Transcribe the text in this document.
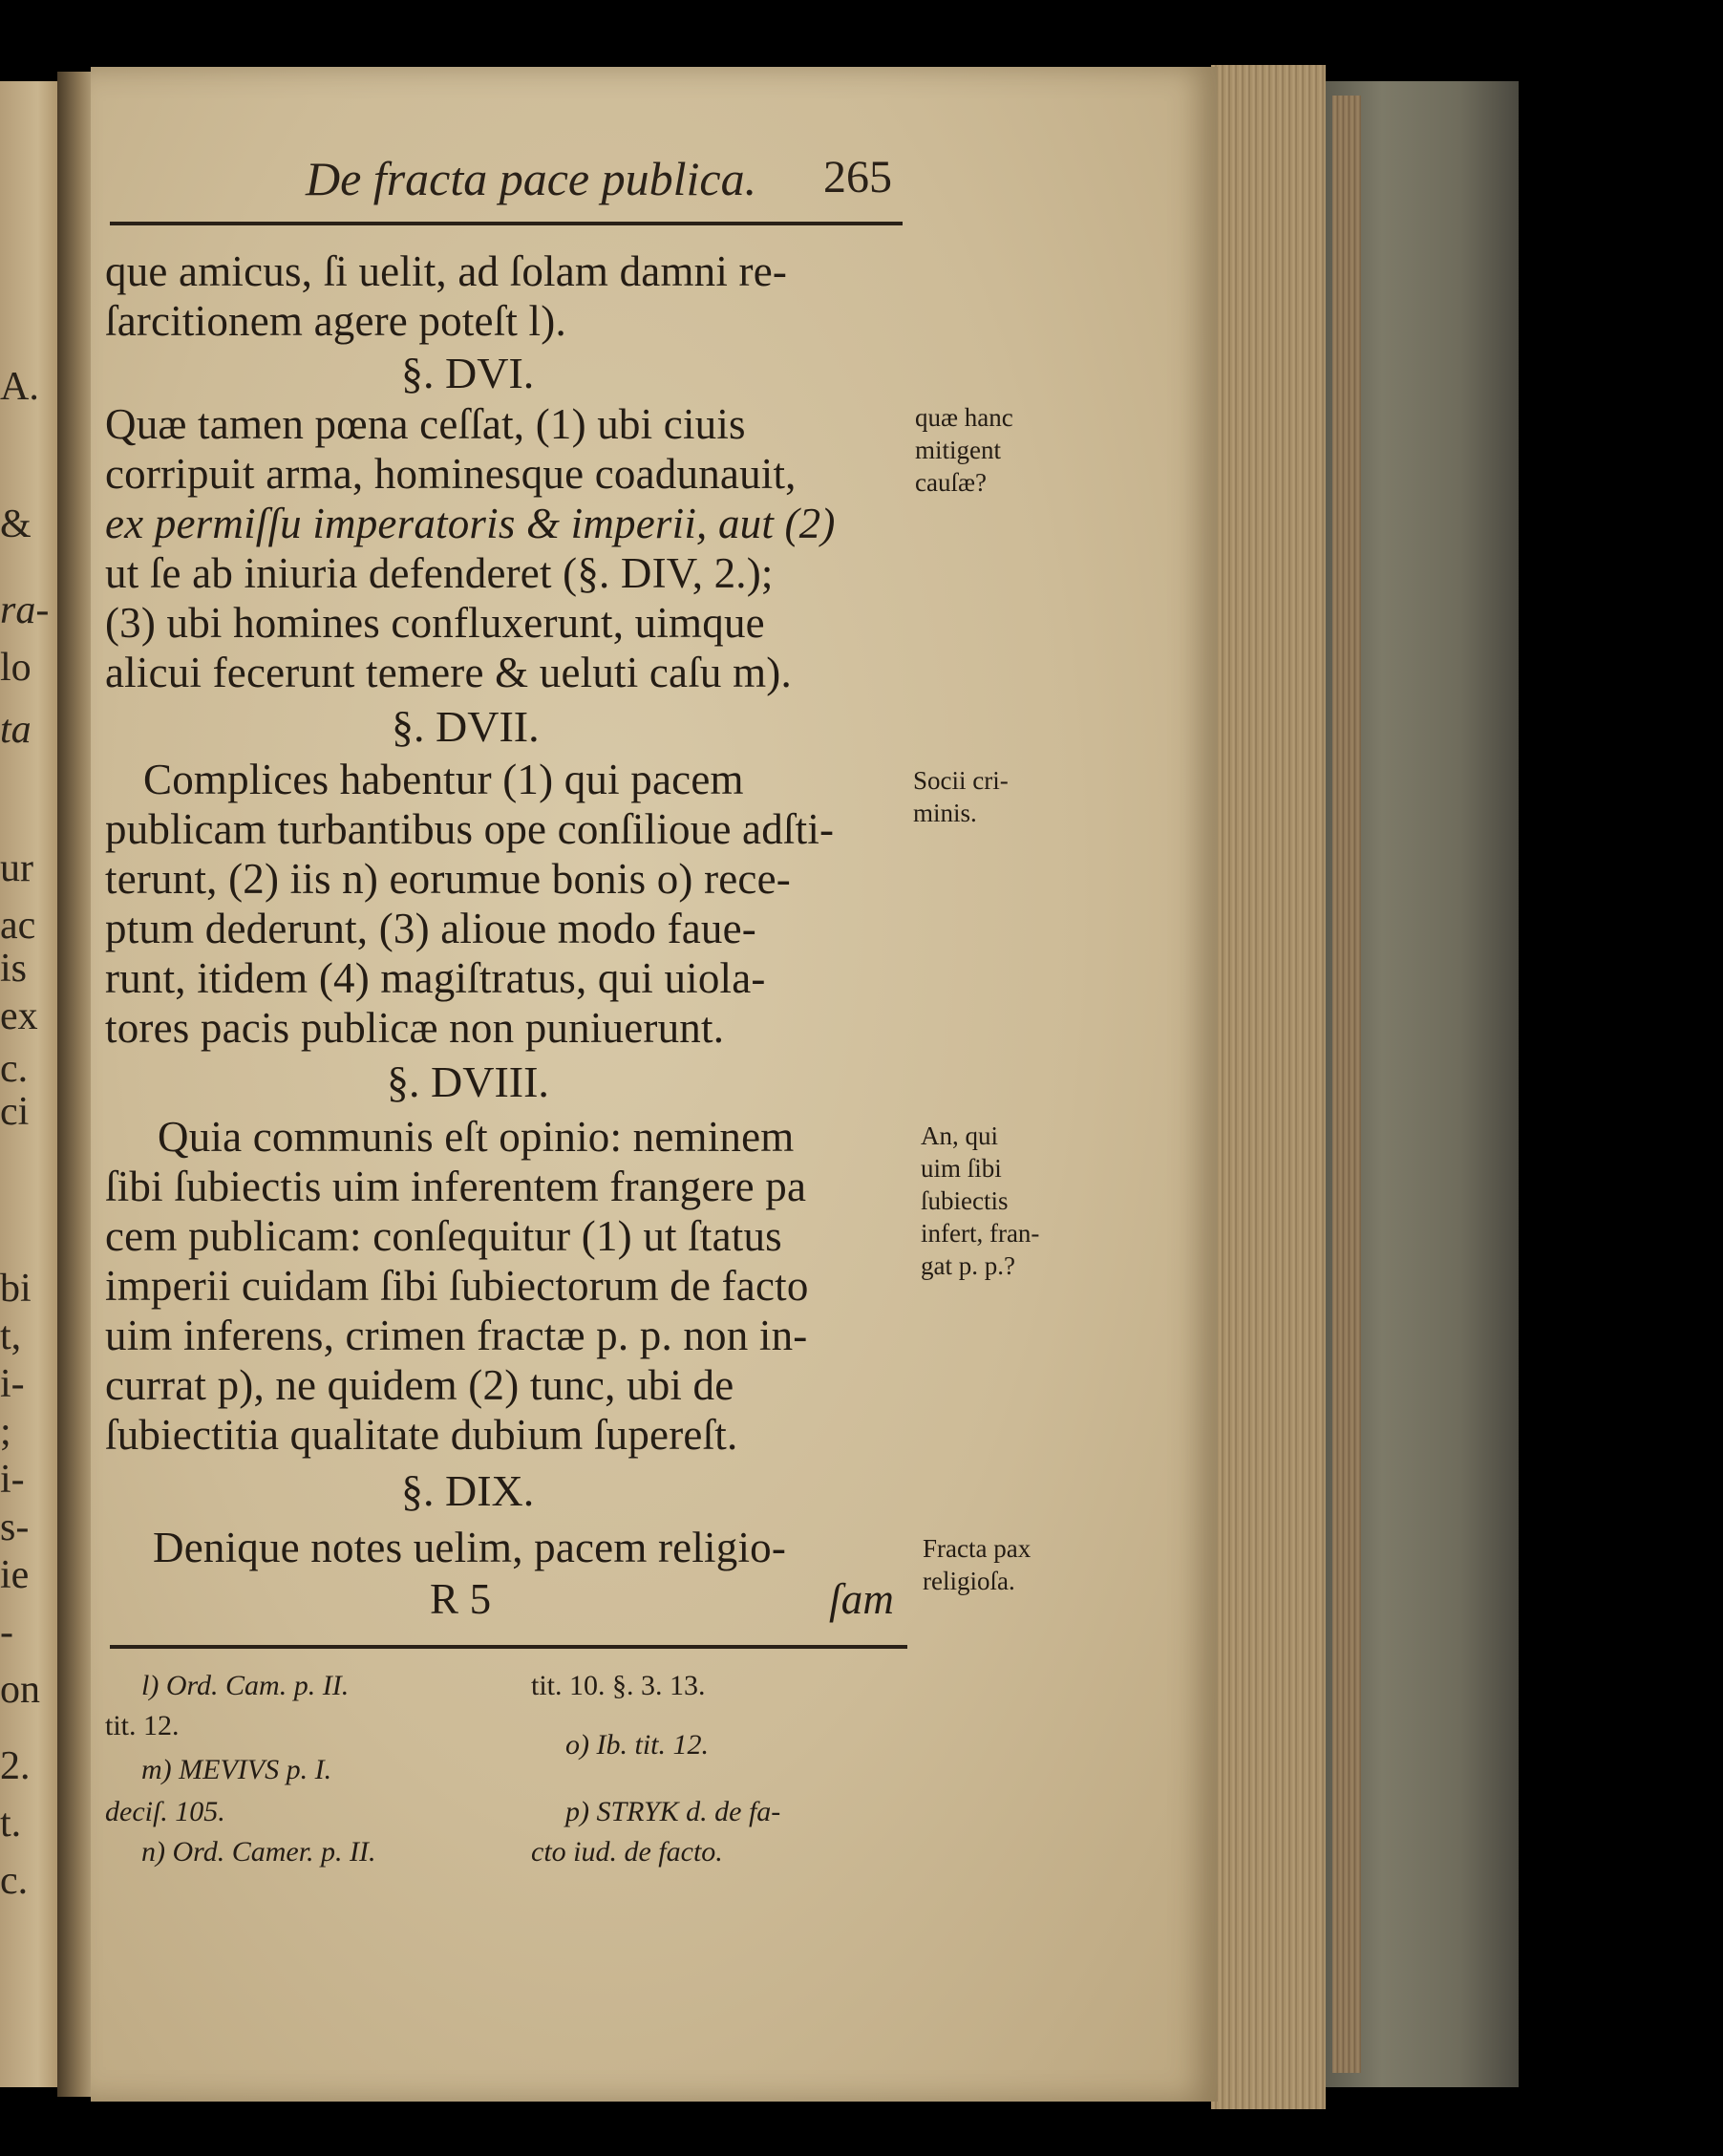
A.
&
ra-
lo
ta
ur
ac
is
ex
c.
ci
bi
t,
i-
;
i-
s-
ie
-
on
2.
t.
c.
De fracta pace publica. 265
que amicus, ſi uelit, ad ſolam damni re-
ſarcitionem agere poteſt l).
§. DVI.
Quæ tamen pœna ceſſat, (1) ubi ciuis
corripuit arma, hominesque coadunauit,
ex permiſſu imperatoris & imperii, aut (2)
ut ſe ab iniuria defenderet (§. DIV, 2.);
(3) ubi homines confluxerunt, uimque
alicui fecerunt temere & ueluti caſu m).
§. DVII.
Complices habentur (1) qui pacem
publicam turbantibus ope conſilioue adſti-
terunt, (2) iis n) eorumue bonis o) rece-
ptum dederunt, (3) alioue modo faue-
runt, itidem (4) magiſtratus, qui uiola-
tores pacis publicæ non puniuerunt.
§. DVIII.
Quia communis eſt opinio: neminem
ſibi ſubiectis uim inferentem frangere pa
cem publicam: conſequitur (1) ut ſtatus
imperii cuidam ſibi ſubiectorum de facto
uim inferens, crimen fractæ p. p. non in-
currat p), ne quidem (2) tunc, ubi de
ſubiectitia qualitate dubium ſupereſt.
§. DIX.
Denique notes uelim, pacem religio-
R 5	ſam
quæ hanc
mitigent
cauſæ?
Socii cri-
minis.
An, qui
uim ſibi
ſubiectis
infert, fran-
gat p. p.?
Fracta pax
religioſa.
l) Ord. Cam. p. II.
tit. 12.
m) MEVIVS p. I.
deciſ. 105.
n) Ord. Camer. p. II.
tit. 10. §. 3. 13.
o) Ib. tit. 12.
p) STRYK d. de fa-
cto iud. de facto.
